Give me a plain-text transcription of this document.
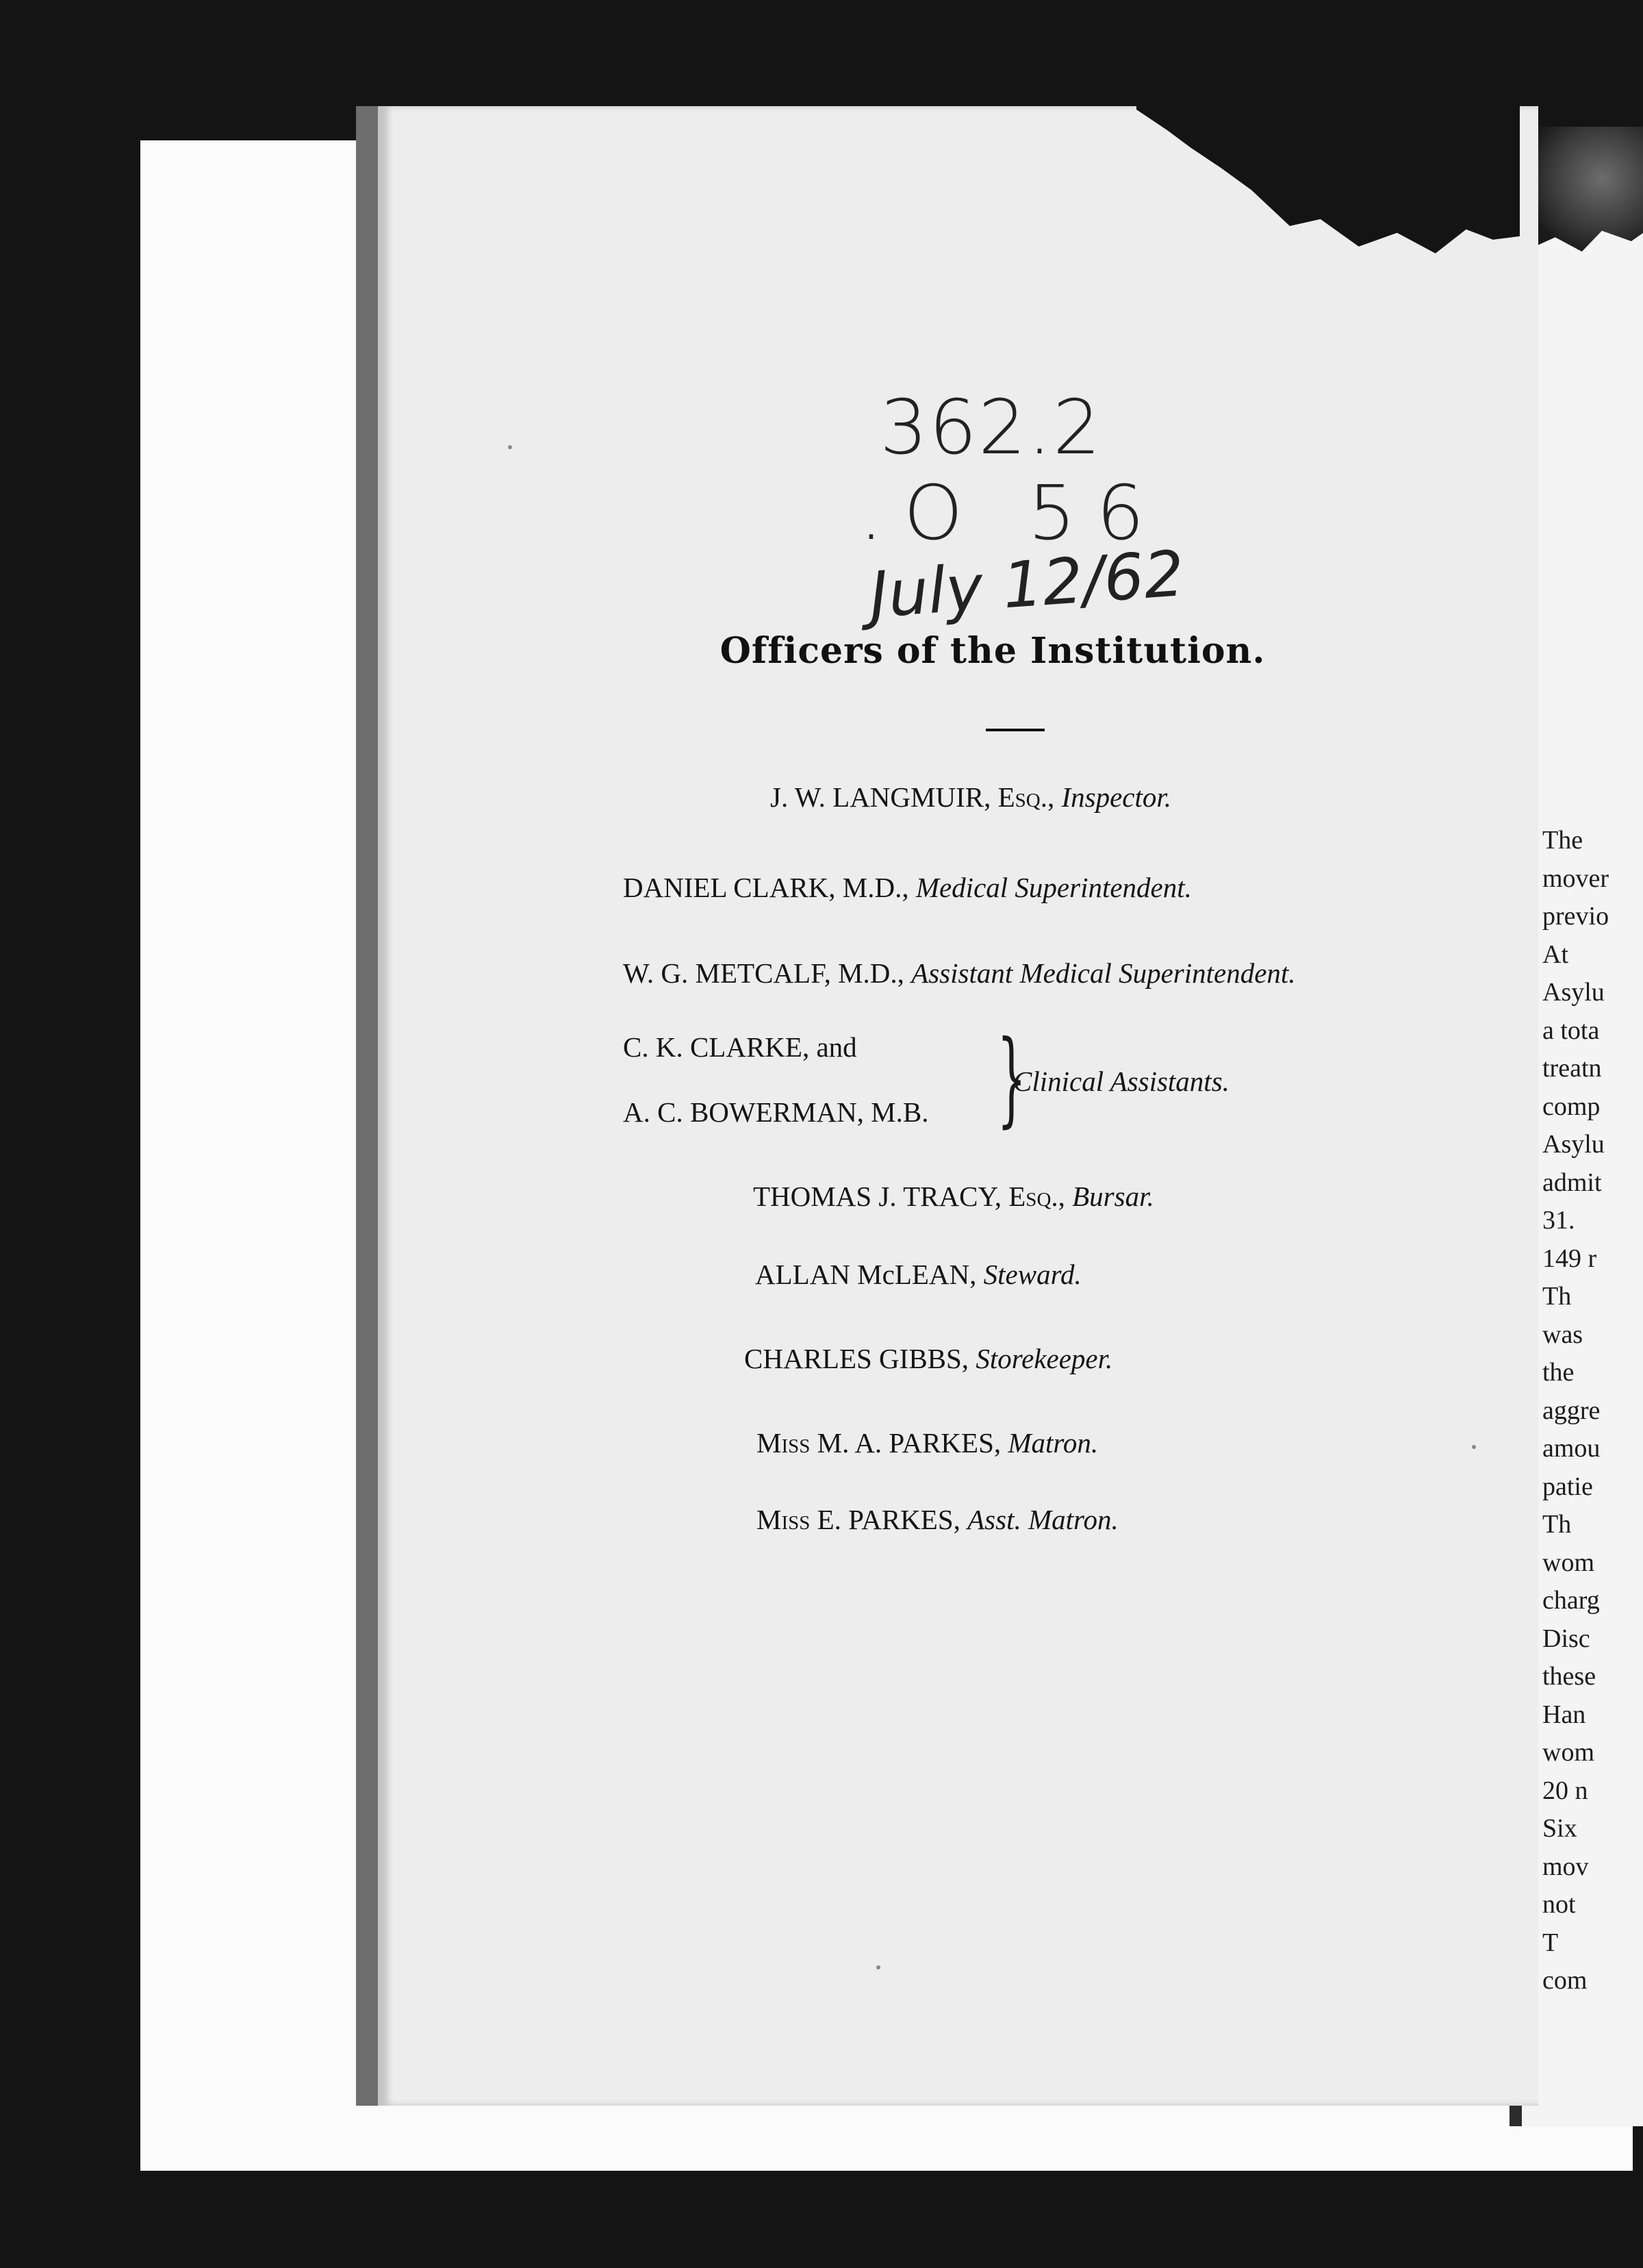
The
mover
previo
At
Asylu
a tota
treatn
comp
Asylu
admit
31.
149 r
Th
was
the
aggre
amou
patie
Th
wom
charg
Disc
these
Han
wom
20 n
Six
mov
not
T
com
362.2
.O 56
July 12/62
Officers of the Institution.
J. W. LANGMUIR, Esq., Inspector.
DANIEL CLARK, M.D., Medical Superintendent.
W. G. METCALF, M.D., Assistant Medical Superintendent.
C. K. CLARKE, and
A. C. BOWERMAN, M.B. }
Clinical Assistants.
THOMAS J. TRACY, Esq., Bursar.
ALLAN McLEAN, Steward.
CHARLES GIBBS, Storekeeper.
Miss M. A. PARKES, Matron.
Miss E. PARKES, Asst. Matron.
